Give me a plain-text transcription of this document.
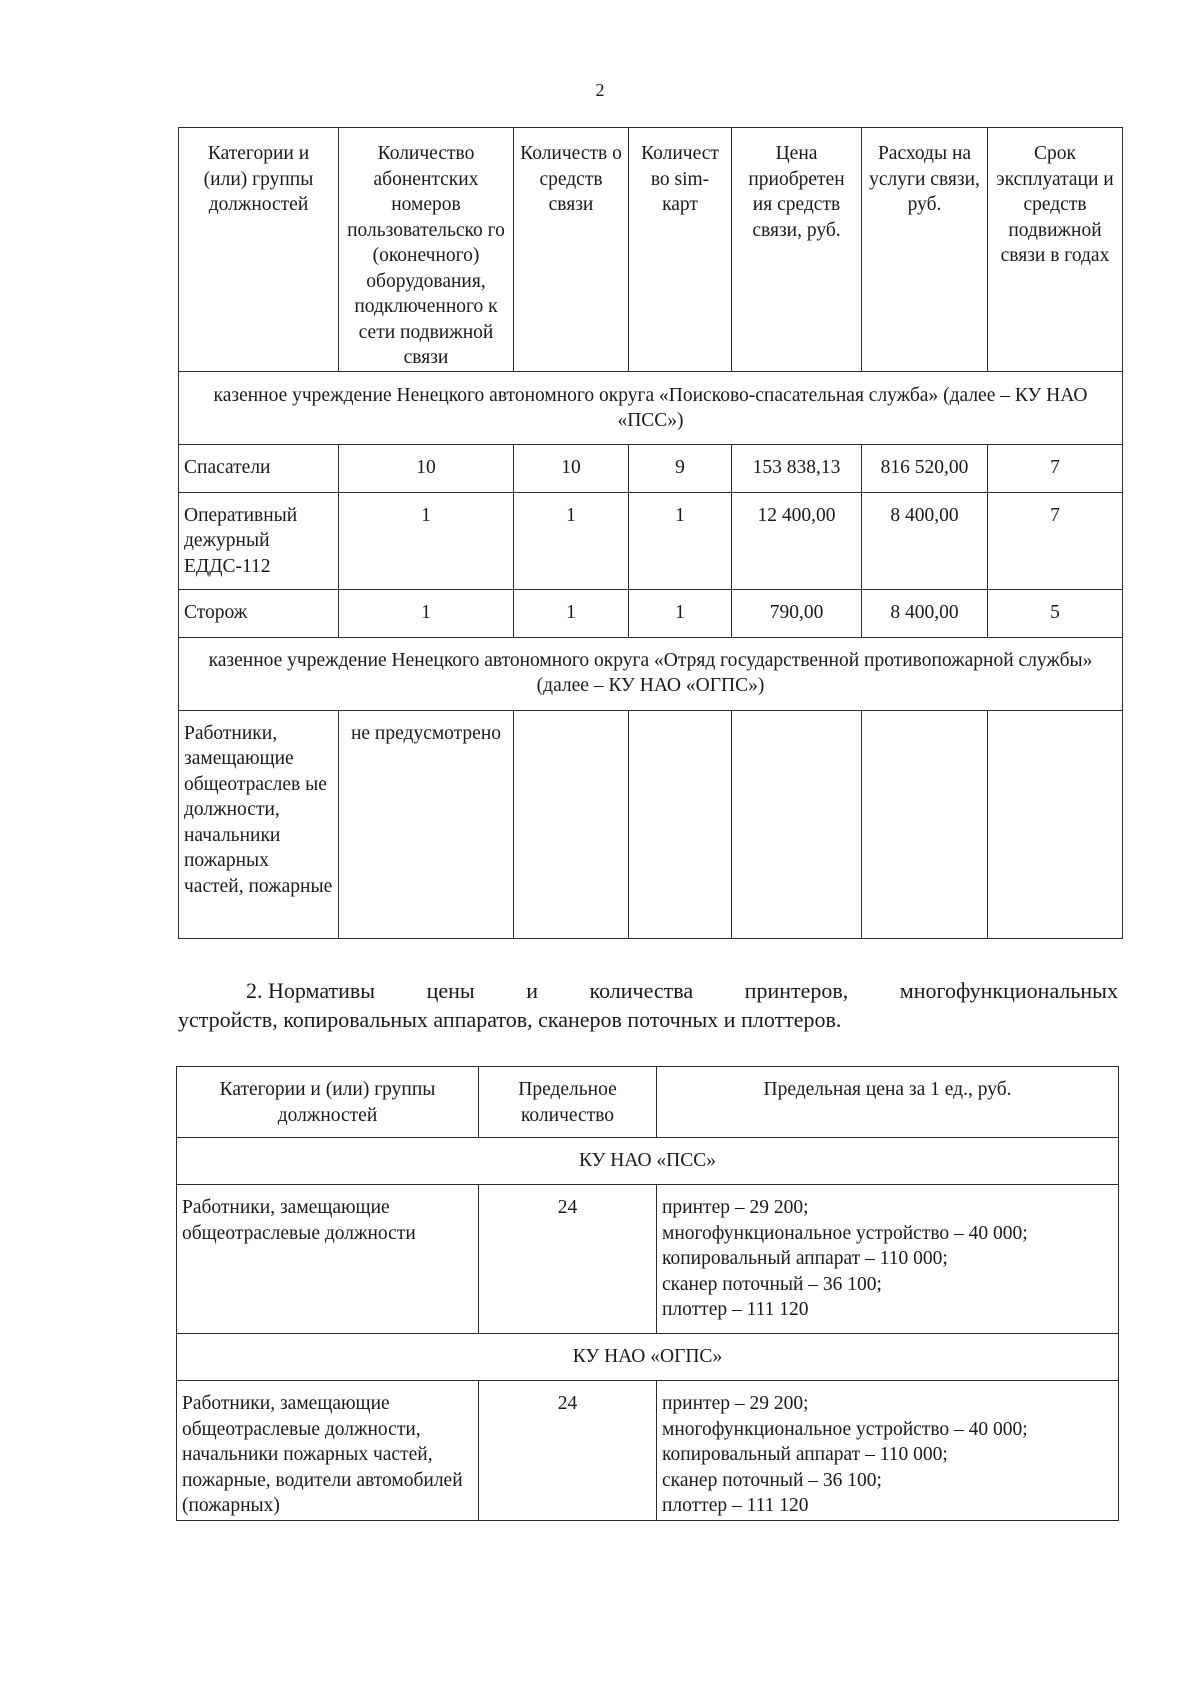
2
Категории и (или) группы должностей	Количество абонентских номеров пользовательско го (оконечного) оборудования, подключенного к сети подвижной связи	Количеств о средств связи	Количест во sim-карт	Цена приобретен ия средств связи, руб.	Расходы на услуги связи, руб.	Срок эксплуатаци и средств подвижной связи в годах
казенное учреждение Ненецкого автономного округа «Поисково-спасательная служба» (далее – КУ НАО «ПСС»)						
Спасатели	10	10	9	153 838,13	816 520,00	7
Оперативный дежурный ЕДДС-112	1	1	1	12 400,00	8 400,00	7
Сторож	1	1	1	790,00	8 400,00	5
казенное учреждение Ненецкого автономного округа «Отряд государственной противопожарной службы» (далее – КУ НАО «ОГПС»)						
Работники, замещающие общеотраслев ые должности, начальники пожарных частей, пожарные	не предусмотрено					
2. Нормативы цены и количества принтеров, многофункциональных
устройств, копировальных аппаратов, сканеров поточных и плоттеров.
Категории и (или) группы должностей	Предельное количество	Предельная цена за 1 ед., руб.
КУ НАО «ПСС»		
Работники, замещающие общеотраслевые должности	24	принтер – 29 200;
многофункциональное устройство – 40 000;
копировальный аппарат – 110 000;
сканер поточный – 36 100;
плоттер – 111 120

КУ НАО «ОГПС»		
Работники, замещающие общеотраслевые должности, начальники пожарных частей, пожарные, водители автомобилей (пожарных)	24	принтер – 29 200;
многофункциональное устройство – 40 000;
копировальный аппарат – 110 000;
сканер поточный – 36 100;
плоттер – 111 120
